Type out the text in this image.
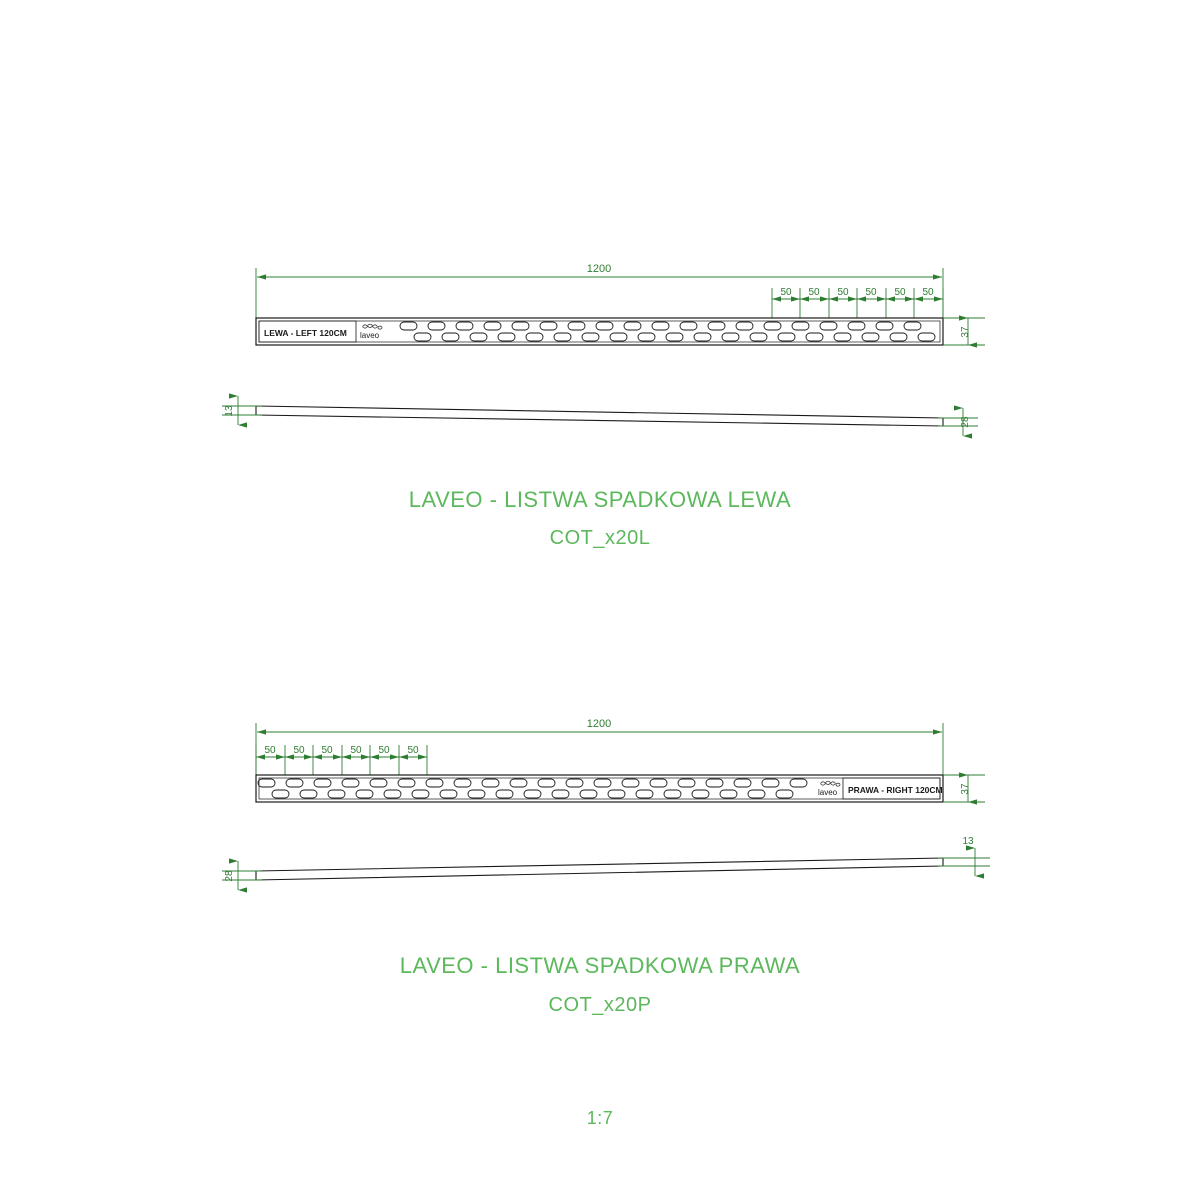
1200
50 50 50 50 50 50
37
13
28
1200
50 50 50 50 50 50
37
28
13
LEWA - LEFT 120CM
PRAWA - RIGHT 120CM
laveo
laveo
LAVEO - LISTWA SPADKOWA LEWA
COT_x20L
LAVEO - LISTWA SPADKOWA PRAWA
COT_x20P
1:7
